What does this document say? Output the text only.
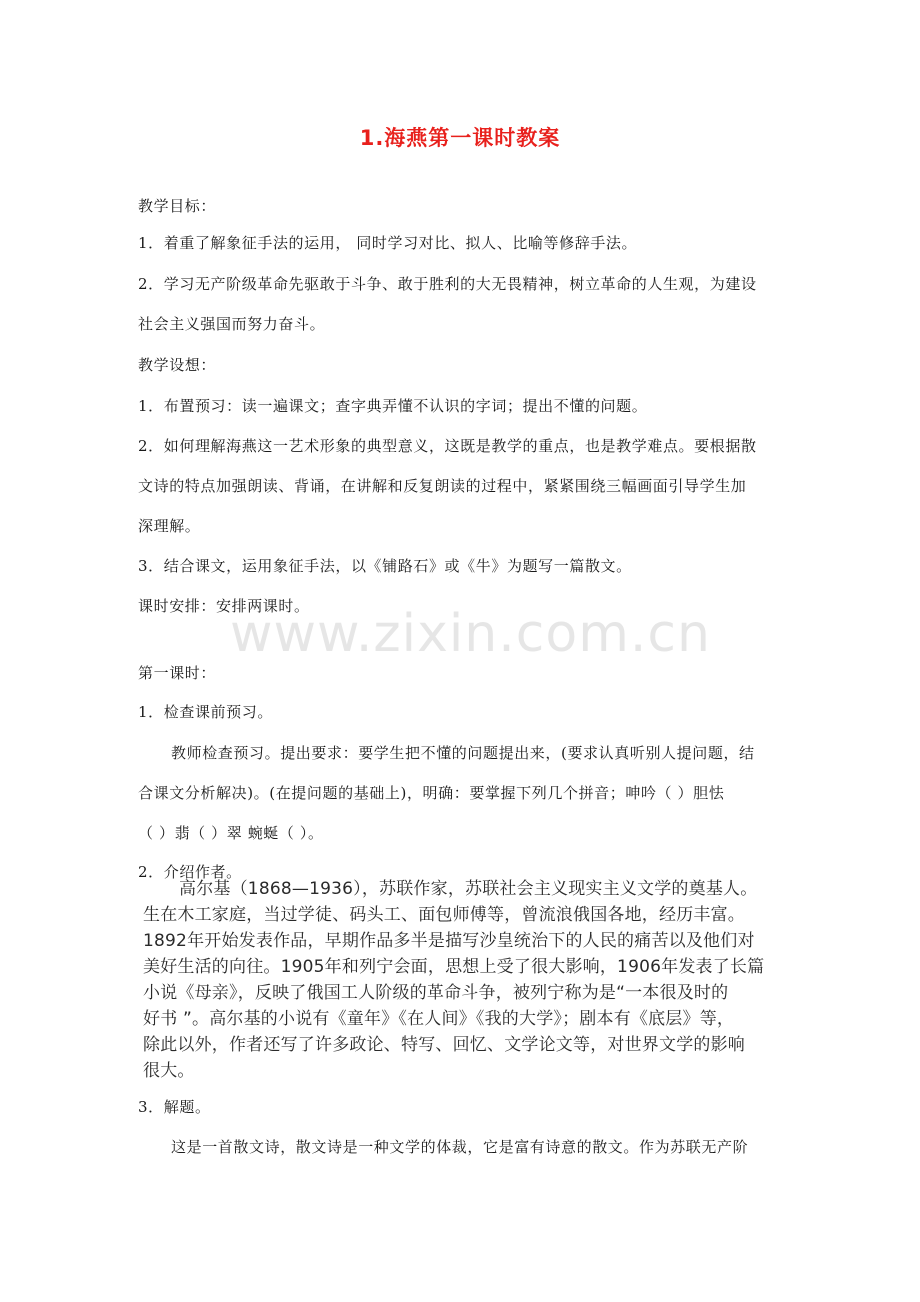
www.zixin.com.cn
1.海燕第一课时教案
教学目标：
1．着重了解象征手法的运用， 同时学习对比、拟人、比喻等修辞手法。
2．学习无产阶级革命先驱敢于斗争、敢于胜利的大无畏精神，树立革命的人生观，为建设
社会主义强国而努力奋斗。
教学设想：
1．布置预习：读一遍课文；查字典弄懂不认识的字词；提出不懂的问题。
2．如何理解海燕这一艺术形象的典型意义，这既是教学的重点，也是教学难点。要根据散
文诗的特点加强朗读、背诵，在讲解和反复朗读的过程中，紧紧围绕三幅画面引导学生加
深理解。
3．结合课文，运用象征手法，以《铺路石》或《牛》为题写一篇散文。
课时安排：安排两课时。
第一课时：
1．检查课前预习。
教师检查预习。提出要求：要学生把不懂的问题提出来，(要求认真听别人提问题，结
合课文分析解决)。(在提问题的基础上)，明确：要掌握下列几个拼音；呻吟（ ）胆怯
（ ）翡（ ）翠 蜿蜒（ ）。
2．介绍作者。
高尔基（1868—1936），苏联作家，苏联社会主义现实主义文学的奠基人。
生在木工家庭，当过学徒、码头工、面包师傅等，曾流浪俄国各地，经历丰富。
1892年开始发表作品，早期作品多半是描写沙皇统治下的人民的痛苦以及他们对
美好生活的向往。1905年和列宁会面，思想上受了很大影响，1906年发表了长篇
小说《母亲》，反映了俄国工人阶级的革命斗争，被列宁称为是“一本很及时的
好书 ”。高尔基的小说有《童年》《在人间》《我的大学》；剧本有《底层》等，
除此以外，作者还写了许多政论、特写、回忆、文学论文等，对世界文学的影响
很大。
3．解题。
这是一首散文诗，散文诗是一种文学的体裁，它是富有诗意的散文。作为苏联无产阶
